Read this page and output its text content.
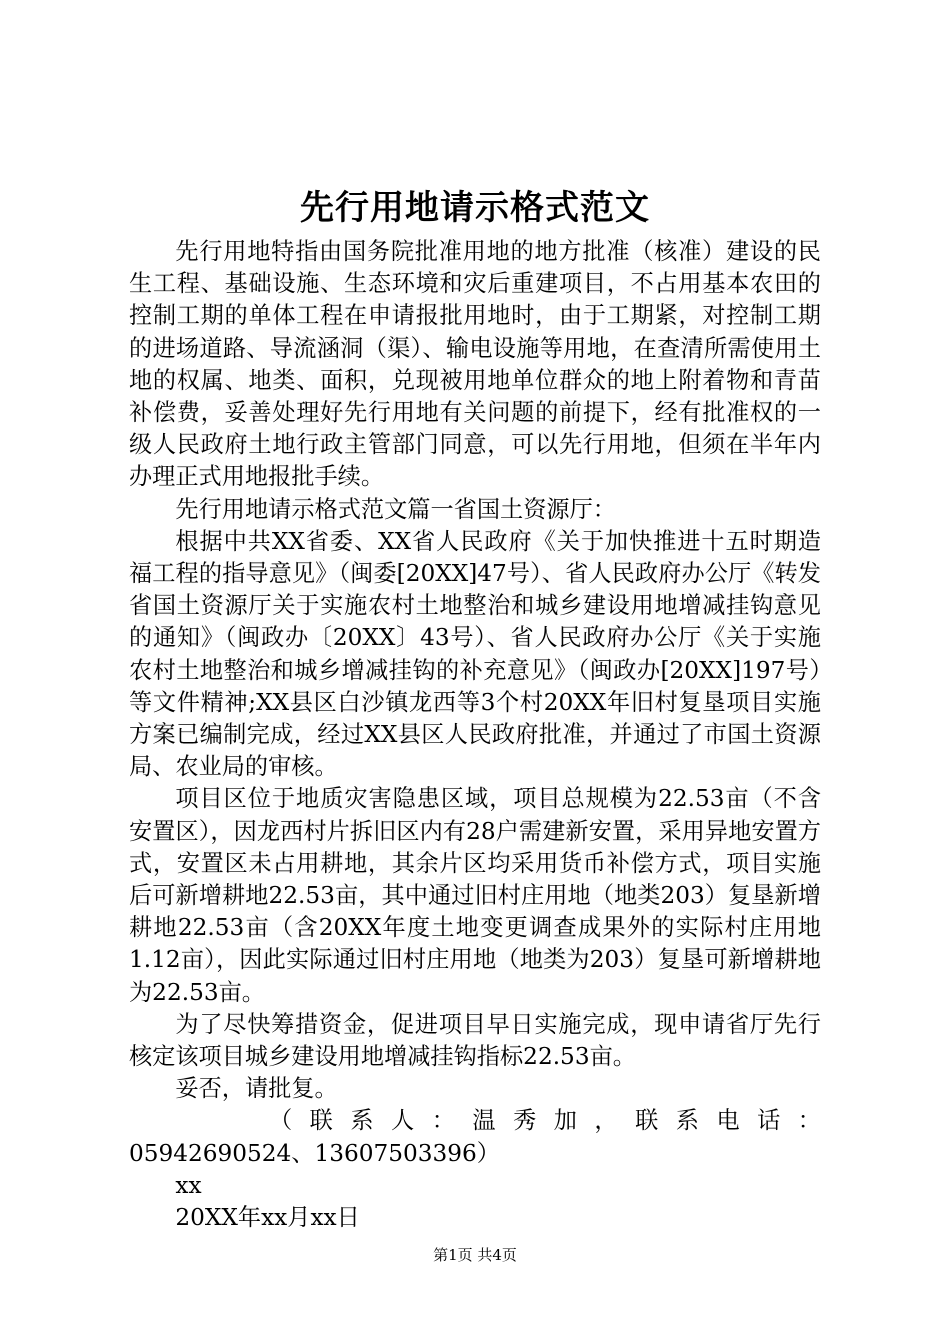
先行用地请示格式范文

先行用地特指由国务院批准用地的地方批准（核准）建设的民生工程、基础设施、生态环境和灾后重建项目，不占用基本农田的控制工期的单体工程在申请报批用地时，由于工期紧，对控制工期的进场道路、导流涵洞（渠）、输电设施等用地，在查清所需使用土地的权属、地类、面积，兑现被用地单位群众的地上附着物和青苗补偿费，妥善处理好先行用地有关问题的前提下，经有批准权的一级人民政府土地行政主管部门同意，可以先行用地，但须在半年内办理正式用地报批手续。

先行用地请示格式范文篇一省国土资源厅：

根据中共XX省委、XX省人民政府《关于加快推进十五时期造福工程的指导意见》（闽委[20XX]47号）、省人民政府办公厅《转发省国土资源厅关于实施农村土地整治和城乡建设用地增减挂钩意见的通知》（闽政办〔20XX〕43号）、省人民政府办公厅《关于实施农村土地整治和城乡增减挂钩的补充意见》（闽政办[20XX]197号）等文件精神;XX县区白沙镇龙西等3个村20XX年旧村复垦项目实施方案已编制完成，经过XX县区人民政府批准，并通过了市国土资源局、农业局的审核。

项目区位于地质灾害隐患区域，项目总规模为22.53亩（不含安置区），因龙西村片拆旧区内有28户需建新安置，采用异地安置方式，安置区未占用耕地，其余片区均采用货币补偿方式，项目实施后可新增耕地22.53亩，其中通过旧村庄用地（地类203）复垦新增耕地22.53亩（含20XX年度土地变更调查成果外的实际村庄用地1.12亩），因此实际通过旧村庄用地（地类为203）复垦可新增耕地为22.53亩。

为了尽快筹措资金，促进项目早日实施完成，现申请省厅先行核定该项目城乡建设用地增减挂钩指标22.53亩。

妥否，请批复。

（联系人：温秀加，联系电话：

05942690524、13607503396）

xx

20XX年xx月xx日

第1页 共4页
